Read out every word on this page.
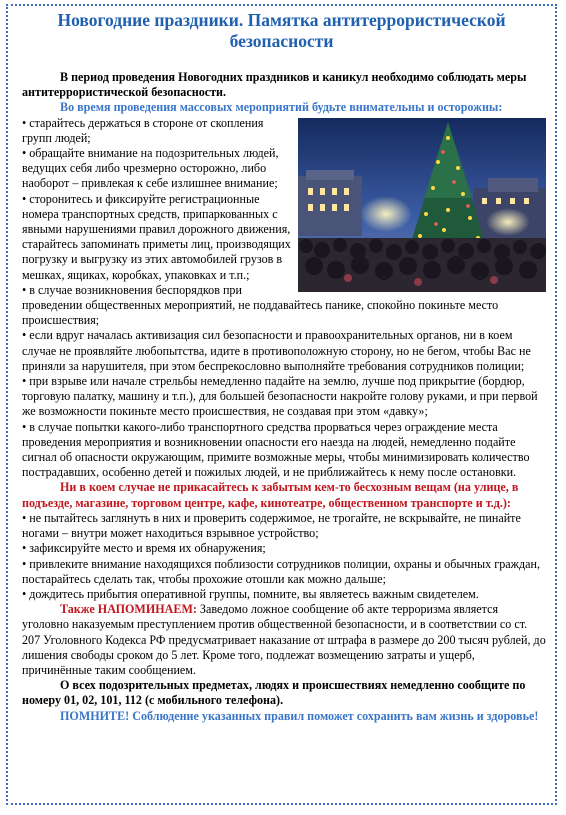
Новогодние праздники. Памятка антитеррористической безопасности

В период проведения Новогодних праздников и каникул необходимо соблюдать меры антитеррористической безопасности.

Во время проведения массовых мероприятий будьте внимательны и осторожны:

• старайтесь держаться в стороне от скопления групп людей;

• обращайте внимание на подозрительных людей, ведущих себя либо чрезмерно осторожно, либо наоборот – привлекая к себе излишнее внимание;

• сторонитесь и фиксируйте регистрационные номера транспортных средств, припаркованных с явными нарушениями правил дорожного движения, старайтесь запоминать приметы лиц, производящих погрузку и выгрузку из этих автомобилей грузов в мешках, ящиках, коробках, упаковках и т.п.;

• в случае возникновения беспорядков при проведении общественных мероприятий, не поддавайтесь панике, спокойно покиньте место происшествия;

• если вдруг началась активизация сил безопасности и правоохранительных органов, ни в коем случае не проявляйте любопытства, идите в противоположную сторону, но не бегом, чтобы Вас не приняли за нарушителя, при этом беспрекословно выполняйте требования сотрудников полиции;

• при взрыве или начале стрельбы немедленно падайте на землю, лучше под прикрытие (бордюр, торговую палатку, машину и т.п.), для большей безопасности накройте голову руками, и при первой же возможности покиньте место происшествия, не создавая при этом «давку»;

• в случае попытки какого-либо транспортного средства прорваться через ограждение места проведения мероприятия и возникновении опасности его наезда на людей, немедленно подайте сигнал об опасности окружающим, примите возможные меры, чтобы минимизировать количество пострадавших, особенно детей и пожилых людей, и не приближайтесь к нему после остановки.

Ни в коем случае не прикасайтесь к забытым кем-то бесхозным вещам (на улице, в подъезде, магазине, торговом центре, кафе, кинотеатре, общественном транспорте и т.д.):

• не пытайтесь заглянуть в них и проверить содержимое, не трогайте, не вскрывайте, не пинайте ногами – внутри может находиться взрывное устройство;

• зафиксируйте место и время их обнаружения;

• привлеките внимание находящихся поблизости сотрудников полиции, охраны и обычных граждан, постарайтесь сделать так, чтобы прохожие отошли как можно дальше;

• дождитесь прибытия оперативной группы, помните, вы являетесь важным свидетелем.

Также НАПОМИНАЕМ: Заведомо ложное сообщение об акте терроризма является уголовно наказуемым преступлением против общественной безопасности, и в соответствии со ст. 207 Уголовного Кодекса РФ предусматривает наказание от штрафа в размере до 200 тысяч рублей, до лишения свободы сроком до 5 лет. Кроме того, подлежат возмещению затраты и ущерб, причинённые таким сообщением.

О всех подозрительных предметах, людях и происшествиях немедленно сообщите по номеру 01, 02, 101, 112 (с мобильного телефона).

ПОМНИТЕ! Соблюдение указанных правил поможет сохранить вам жизнь и здоровье!
